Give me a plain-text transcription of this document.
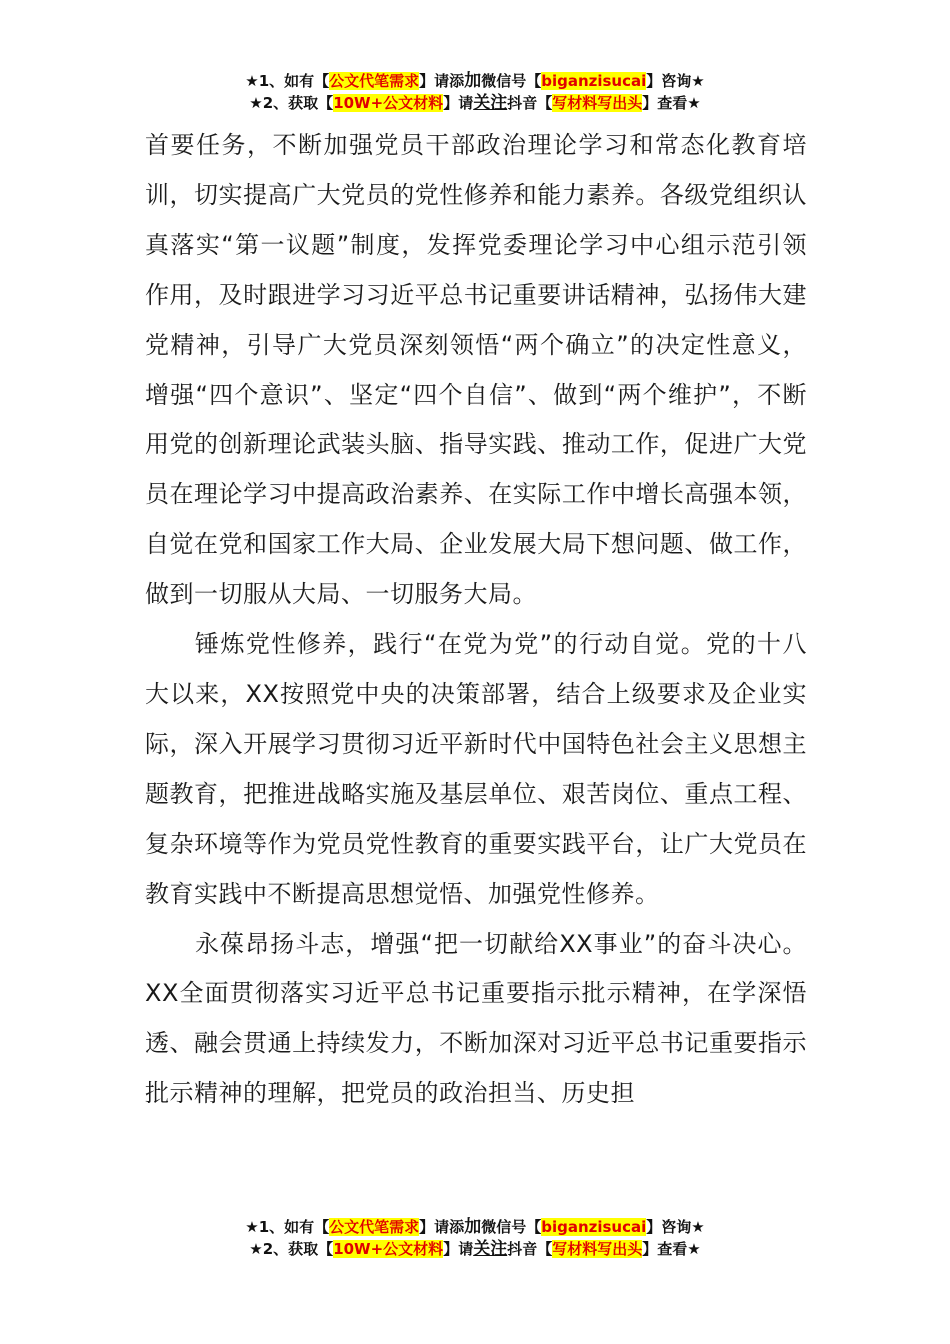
★1、如有【公文代笔需求】请添加微信号【biganzisucai】咨询★
★2、获取【10W+公文材料】请关注抖音【写材料写出头】查看★

首要任务，不断加强党员干部政治理论学习和常态化教育培训，切实提高广大党员的党性修养和能力素养。各级党组织认真落实“第一议题”制度，发挥党委理论学习中心组示范引领作用，及时跟进学习习近平总书记重要讲话精神，弘扬伟大建党精神，引导广大党员深刻领悟“两个确立”的决定性意义，增强“四个意识”、坚定“四个自信”、做到“两个维护”，不断用党的创新理论武装头脑、指导实践、推动工作，促进广大党员在理论学习中提高政治素养、在实际工作中增长高强本领，自觉在党和国家工作大局、企业发展大局下想问题、做工作，做到一切服从大局、一切服务大局。

锤炼党性修养，践行“在党为党”的行动自觉。党的十八大以来，XX按照党中央的决策部署，结合上级要求及企业实际，深入开展学习贯彻习近平新时代中国特色社会主义思想主题教育，把推进战略实施及基层单位、艰苦岗位、重点工程、复杂环境等作为党员党性教育的重要实践平台，让广大党员在教育实践中不断提高思想觉悟、加强党性修养。

永葆昂扬斗志，增强“把一切献给XX事业”的奋斗决心。XX全面贯彻落实习近平总书记重要指示批示精神，在学深悟透、融会贯通上持续发力，不断加深对习近平总书记重要指示批示精神的理解，把党员的政治担当、历史担

★1、如有【公文代笔需求】请添加微信号【biganzisucai】咨询★
★2、获取【10W+公文材料】请关注抖音【写材料写出头】查看★
